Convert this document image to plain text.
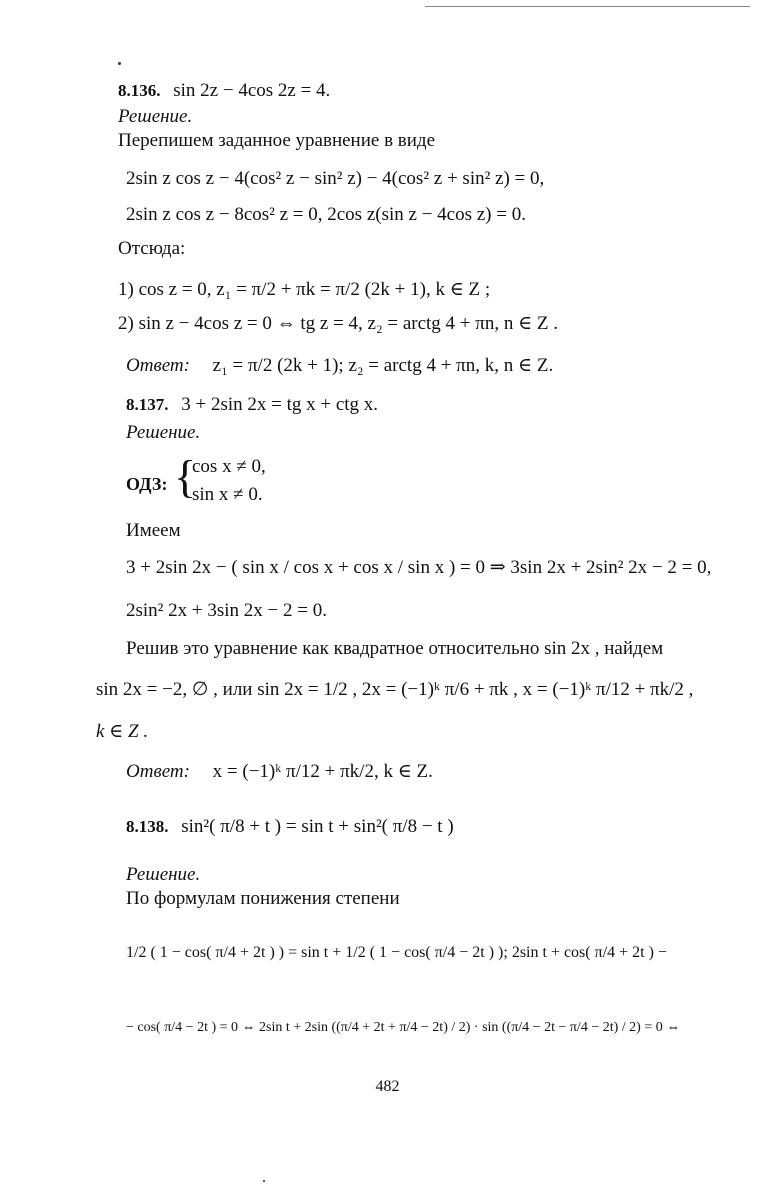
8.136. sin 2z − 4cos 2z = 4.
Решение.
Перепишем заданное уравнение в виде
2sin z cos z − 4(cos² z − sin² z) − 4(cos² z + sin² z) = 0,
2sin z cos z − 8cos² z = 0, 2cos z(sin z − 4cos z) = 0.
Отсюда:
1) cos z = 0, z₁ = π/2 + πk = π/2 (2k + 1), k ∈ Z ;
2) sin z − 4cos z = 0 ⇔ tg z = 4, z₂ = arctg 4 + πn, n ∈ Z .
Ответ: z₁ = π/2 (2k + 1); z₂ = arctg 4 + πn, k, n ∈ Z.
8.137. 3 + 2sin 2x = tg x + ctg x.
Решение.
ОДЗ: {
cos x ≠ 0,
sin x ≠ 0.
Имеем
3 + 2sin 2x − ( sin x / cos x + cos x / sin x ) = 0 ⇒ 3sin 2x + 2sin² 2x − 2 = 0,
2sin² 2x + 3sin 2x − 2 = 0.
Решив это уравнение как квадратное относительно sin 2x , найдем
sin 2x = −2, ∅ , или sin 2x = 1/2 , 2x = (−1)ᵏ π/6 + πk , x = (−1)ᵏ π/12 + πk/2 ,
k ∈ Z .
Ответ: x = (−1)ᵏ π/12 + πk/2, k ∈ Z.
8.138. sin²( π/8 + t ) = sin t + sin²( π/8 − t )
Решение.
По формулам понижения степени
1/2 ( 1 − cos( π/4 + 2t ) ) = sin t + 1/2 ( 1 − cos( π/4 − 2t ) ); 2sin t + cos( π/4 + 2t ) −
− cos( π/4 − 2t ) = 0 ⇔ 2sin t + 2sin ((π/4 + 2t + π/4 − 2t) / 2) · sin ((π/4 − 2t − π/4 − 2t) / 2) = 0 ⇔
482
